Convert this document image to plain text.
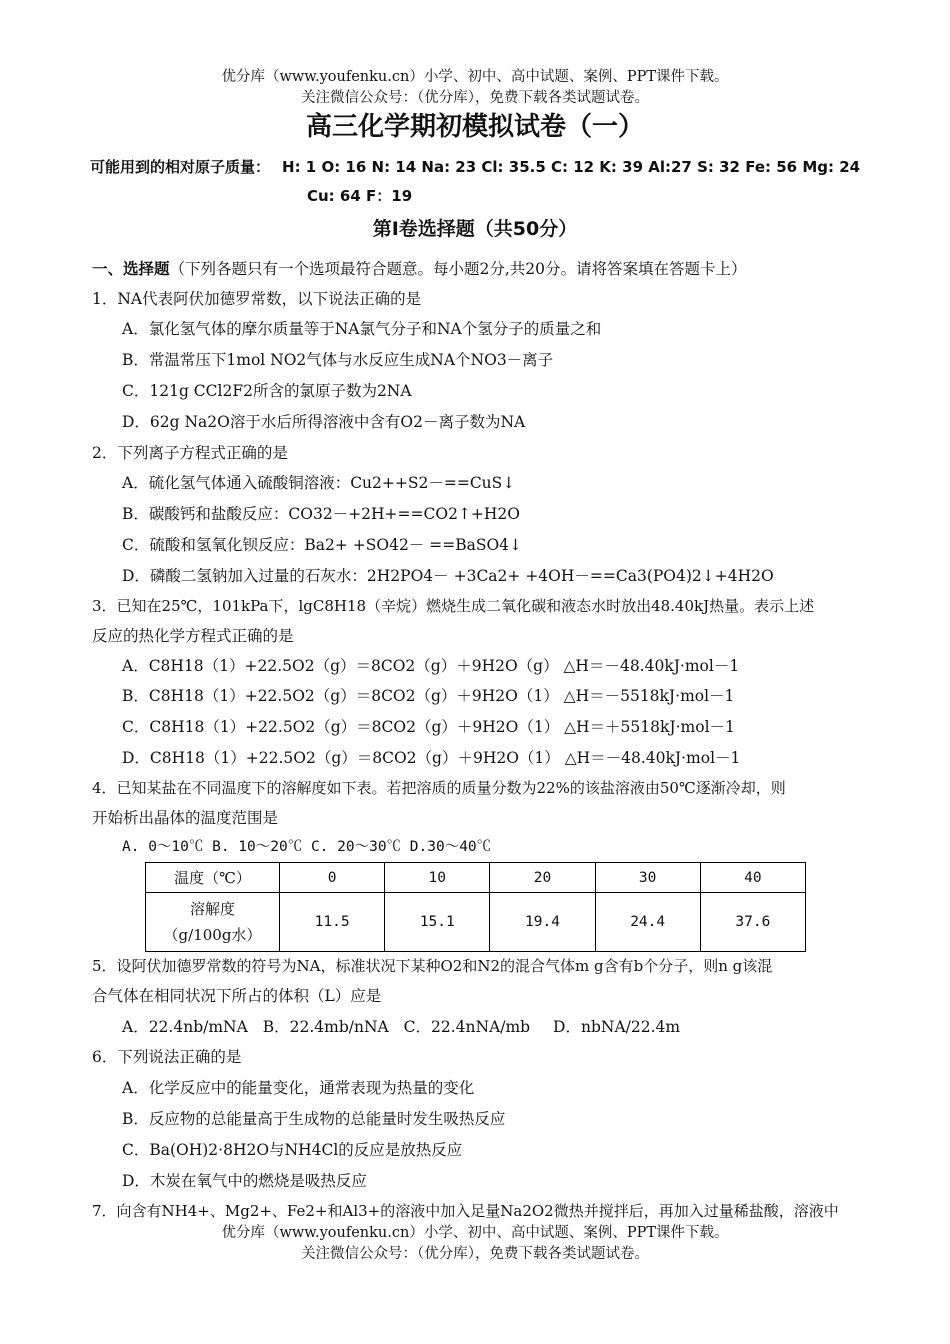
优分库（www.youfenku.cn）小学、初中、高中试题、案例、PPT课件下载。
关注微信公众号：（优分库），免费下载各类试题试卷。
高三化学期初模拟试卷（一）
可能用到的相对原子质量： H: 1 O: 16 N: 14 Na: 23 Cl: 35.5 C: 12 K: 39 Al:27 S: 32 Fe: 56 Mg: 24
Cu: 64 F：19
第Ⅰ卷选择题（共50分）
一、选择题（下列各题只有一个选项最符合题意。每小题2分,共20分。请将答案填在答题卡上）
1．NA代表阿伏加德罗常数，以下说法正确的是
A．氯化氢气体的摩尔质量等于NA氯气分子和NA个氢分子的质量之和
B．常温常压下1mol NO2气体与水反应生成NA个NO3－离子
C．121g CCl2F2所含的氯原子数为2NA
D．62g Na2O溶于水后所得溶液中含有O2－离子数为NA
2．下列离子方程式正确的是
A．硫化氢气体通入硫酸铜溶液：Cu2++S2－==CuS↓
B．碳酸钙和盐酸反应：CO32－+2H+==CO2↑+H2O
C．硫酸和氢氧化钡反应：Ba2+ +SO42－ ==BaSO4↓
D．磷酸二氢钠加入过量的石灰水：2H2PO4－ +3Ca2+ +4OH－==Ca3(PO4)2↓+4H2O
3．已知在25℃，101kPa下，lgC8H18（辛烷）燃烧生成二氧化碳和液态水时放出48.40kJ热量。表示上述
反应的热化学方程式正确的是
A．C8H18（1）+22.5O2（g）＝8CO2（g）＋9H2O（g） △H＝－48.40kJ·mol－1
B．C8H18（1）+22.5O2（g）＝8CO2（g）＋9H2O（1） △H＝－5518kJ·mol－1
C．C8H18（1）+22.5O2（g）＝8CO2（g）＋9H2O（1） △H＝＋5518kJ·mol－1
D．C8H18（1）+22.5O2（g）＝8CO2（g）＋9H2O（1） △H＝－48.40kJ·mol－1
4．已知某盐在不同温度下的溶解度如下表。若把溶质的质量分数为22%的该盐溶液由50℃逐渐冷却，则
开始析出晶体的温度范围是
A. 0～10℃ B. 10～20℃ C. 20～30℃ D.30～40℃
温度（℃）	0	10	20	30	40

溶解度
（g/100g水）	11.5	15.1	19.4	24.4	37.6
5．设阿伏加德罗常数的符号为NA，标准状况下某种O2和N2的混合气体m g含有b个分子，则n g该混
合气体在相同状况下所占的体积（L）应是
A．22.4nb/mNA B．22.4mb/nNA C．22.4nNA/mb D．nbNA/22.4m
6．下列说法正确的是
A．化学反应中的能量变化，通常表现为热量的变化
B．反应物的总能量高于生成物的总能量时发生吸热反应
C．Ba(OH)2·8H2O与NH4Cl的反应是放热反应
D．木炭在氧气中的燃烧是吸热反应
7．向含有NH4+、Mg2+、Fe2+和Al3+的溶液中加入足量Na2O2微热并搅拌后，再加入过量稀盐酸，溶液中
优分库（www.youfenku.cn）小学、初中、高中试题、案例、PPT课件下载。
关注微信公众号：（优分库），免费下载各类试题试卷。
